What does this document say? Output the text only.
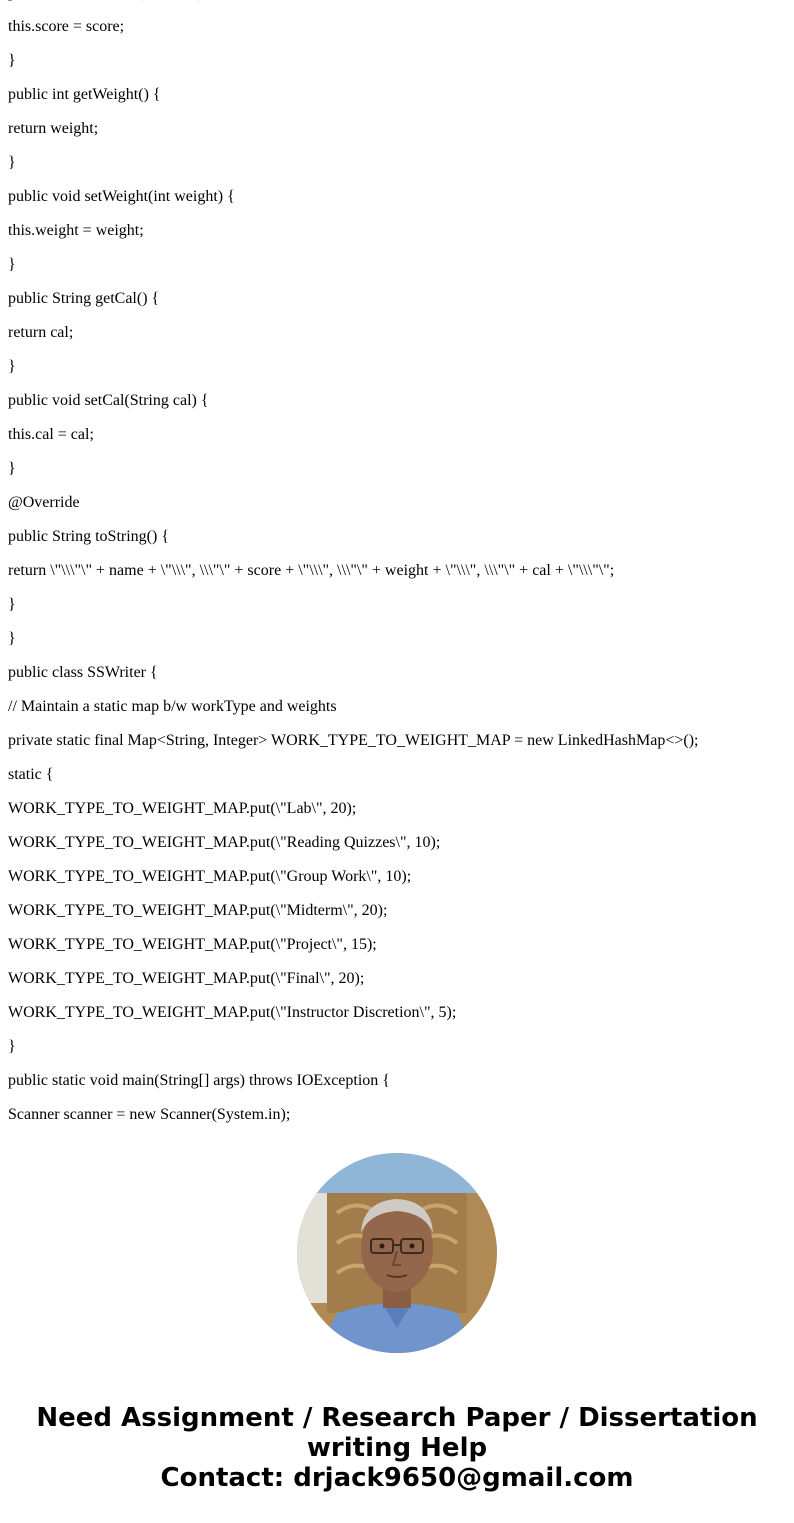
this.score = score;

}

public int getWeight() {

return weight;

}

public void setWeight(int weight) {

this.weight = weight;

}

public String getCal() {

return cal;

}

public void setCal(String cal) {

this.cal = cal;

}

@Override

public String toString() {

return \"\\\"\" + name + \"\\\", \\\"\" + score + \"\\\", \\\"\" + weight + \"\\\", \\\"\" + cal + \"\\\"\";

}

}

public class SSWriter {

// Maintain a static map b/w workType and weights

private static final Map<String, Integer> WORK_TYPE_TO_WEIGHT_MAP = new LinkedHashMap<>();

static {

WORK_TYPE_TO_WEIGHT_MAP.put(\"Lab\", 20);

WORK_TYPE_TO_WEIGHT_MAP.put(\"Reading Quizzes\", 10);

WORK_TYPE_TO_WEIGHT_MAP.put(\"Group Work\", 10);

WORK_TYPE_TO_WEIGHT_MAP.put(\"Midterm\", 20);

WORK_TYPE_TO_WEIGHT_MAP.put(\"Project\", 15);

WORK_TYPE_TO_WEIGHT_MAP.put(\"Final\", 20);

WORK_TYPE_TO_WEIGHT_MAP.put(\"Instructor Discretion\", 5);

}

public static void main(String[] args) throws IOException {

Scanner scanner = new Scanner(System.in);

Need Assignment / Research Paper / Dissertation
writing Help
Contact: drjack9650@gmail.com
